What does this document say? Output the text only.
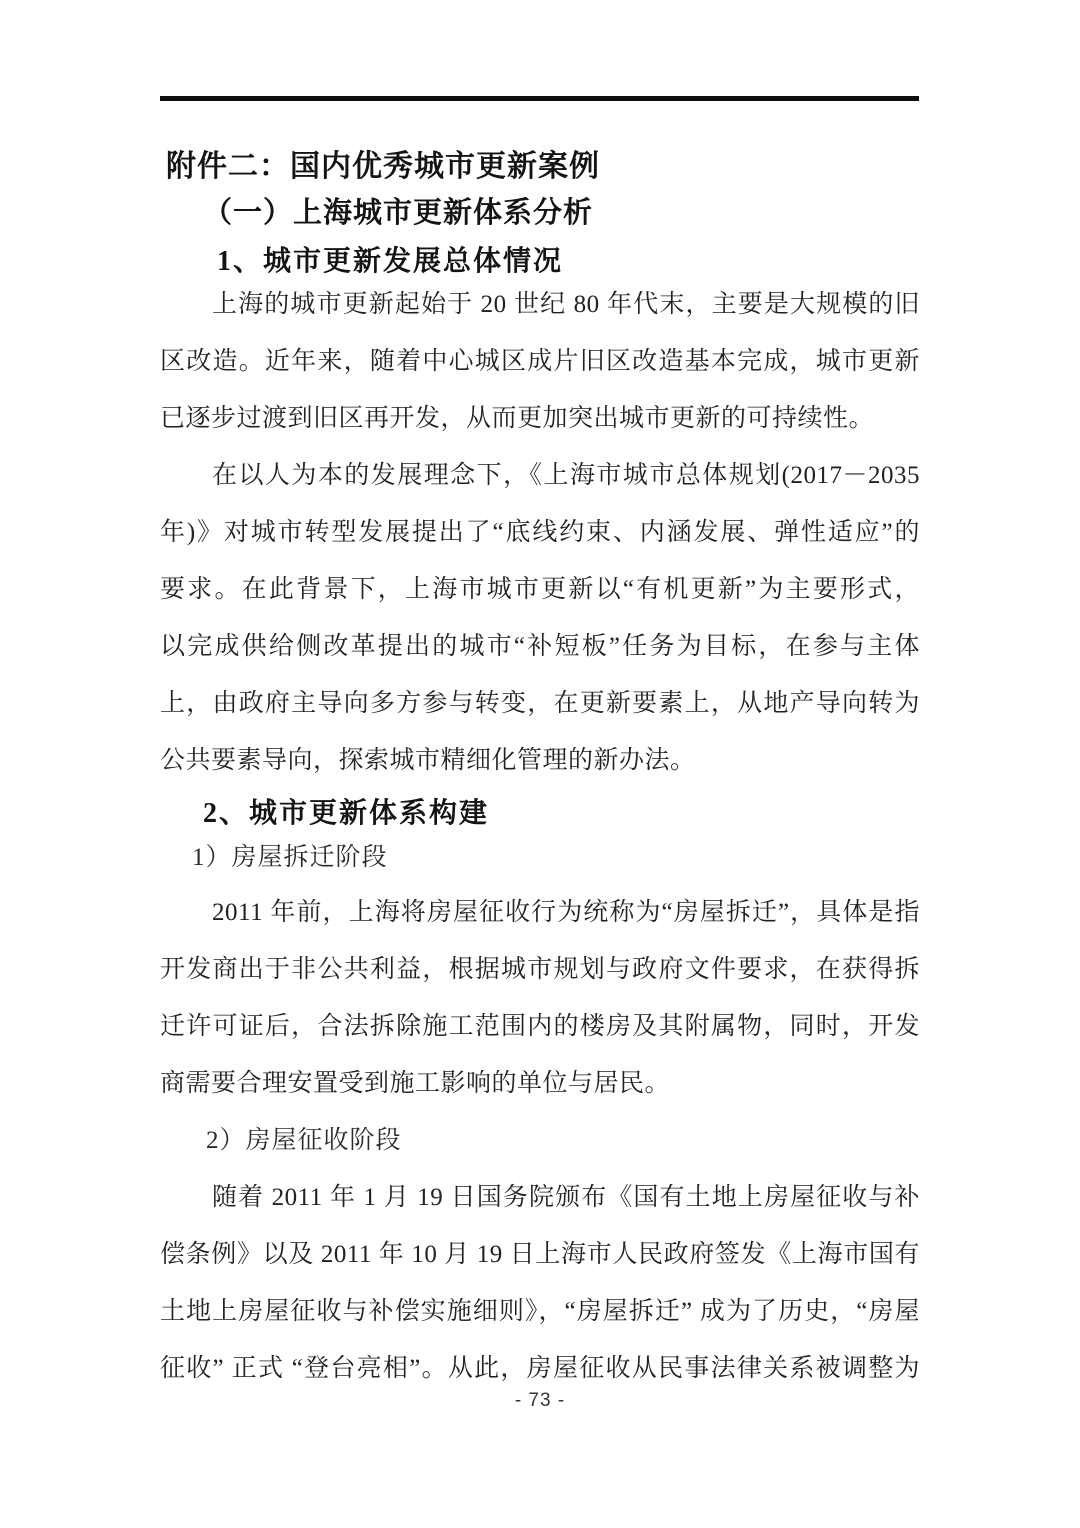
附件二：国内优秀城市更新案例
（一）上海城市更新体系分析
1、城市更新发展总体情况
上海的城市更新起始于 20 世纪 80 年代末，主要是大规模的旧
区改造。近年来，随着中心城区成片旧区改造基本完成，城市更新
已逐步过渡到旧区再开发，从而更加突出城市更新的可持续性。
在以人为本的发展理念下，《上海市城市总体规划(2017－2035
年)》对城市转型发展提出了“底线约束、内涵发展、弹性适应”的
要求。在此背景下，上海市城市更新以“有机更新”为主要形式，
以完成供给侧改革提出的城市“补短板”任务为目标，在参与主体
上，由政府主导向多方参与转变，在更新要素上，从地产导向转为
公共要素导向，探索城市精细化管理的新办法。
2、城市更新体系构建
1）房屋拆迁阶段
2011 年前，上海将房屋征收行为统称为“房屋拆迁”，具体是指
开发商出于非公共利益，根据城市规划与政府文件要求，在获得拆
迁许可证后，合法拆除施工范围内的楼房及其附属物，同时，开发
商需要合理安置受到施工影响的单位与居民。
2）房屋征收阶段
随着 2011 年 1 月 19 日国务院颁布《国有土地上房屋征收与补
偿条例》以及 2011 年 10 月 19 日上海市人民政府签发《上海市国有
土地上房屋征收与补偿实施细则》，“房屋拆迁” 成为了历史，“房屋
征收” 正式 “登台亮相”。从此，房屋征收从民事法律关系被调整为
- 73 -
